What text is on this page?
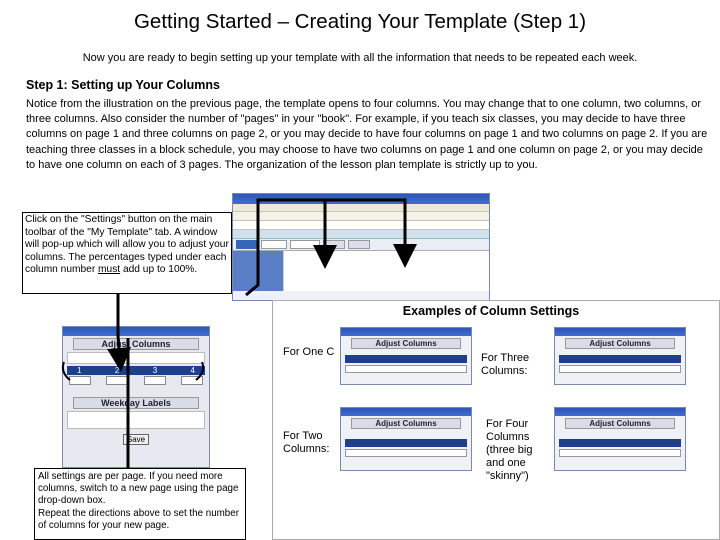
Getting Started – Creating Your Template (Step 1)
Now you are ready to begin setting up your template with all the information that needs to be repeated each week.
Step 1: Setting up Your Columns
Notice from the illustration on the previous page, the template opens to four columns. You may change that to one column, two columns, or three columns. Also consider the number of "pages" in your "book". For example, if you teach six classes, you may decide to have three columns on page 1 and three columns on page 2, or you may decide to have four columns on page 1 and two columns on page 2. If you are teaching three classes in a block schedule, you may choose to have two columns on page 1 and one column on page 2, or you may decide to have one column on each of 3 pages. The organization of the lesson plan template is strictly up to you.
Click on the "Settings" button on the main toolbar of the "My Template" tab. A window will pop-up which will allow you to adjust your columns. The percentages typed under each column number must add up to 100%.
Adjust Columns
1	2	3	4
Weekday Labels
Save
Examples of Column Settings
For One C
For Two Columns:
For Three Columns:
For Four Columns (three big and one "skinny")
Adjust Columns	Adjust Columns
Adjust Columns	Adjust Columns
All settings are per page. If you need more columns, switch to a new page using the page drop-down box.
Repeat the directions above to set the number of columns for your new page.
